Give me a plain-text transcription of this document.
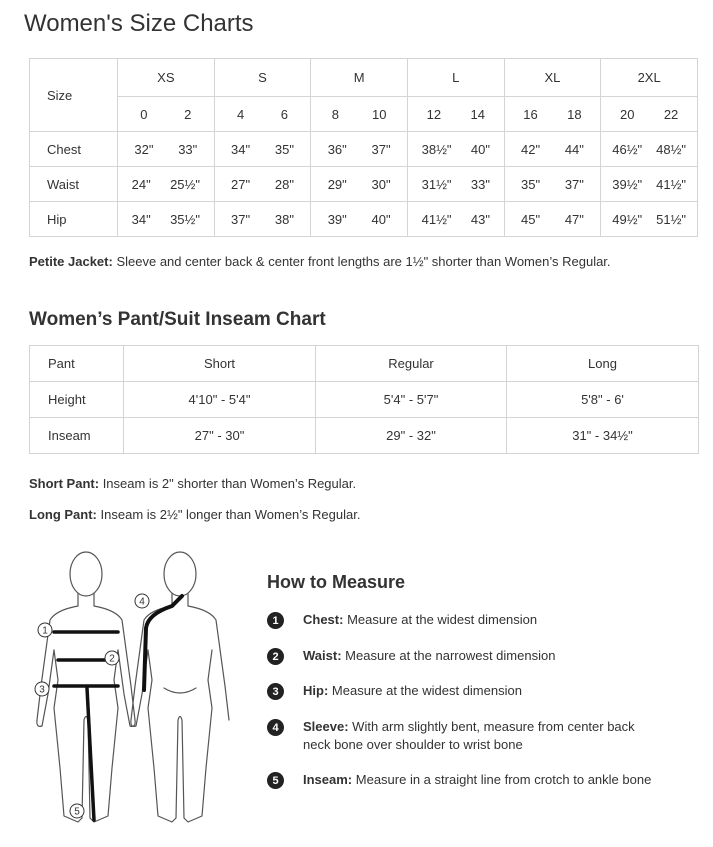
Women's Size Charts
Size	XS	S	M	L	XL	2XL

	0 2	4 6	8 10	12 14	16 18	20 22

Chest	32" 33"	34" 35"	36" 37"	38½" 40"	42" 44"	46½" 48½"

Waist	24" 25½"	27" 28"	29" 30"	31½" 33"	35" 37"	39½" 41½"

Hip	34" 35½"	37" 38"	39" 40"	41½" 43"	45" 47"	49½" 51½"

Petite Jacket: Sleeve and center back & center front lengths are 1½" shorter than Women’s Regular.

Women’s Pant/Suit Inseam Chart
Pant	Short	Regular	Long
Height	4'10" - 5'4"	5'4" - 5'7"	5'8" - 6'
Inseam	27" - 30"	29" - 32"	31" - 34½"

Short Pant: Inseam is 2" shorter than Women’s Regular.

Long Pant: Inseam is 2½" longer than Women’s Regular.

1
2
3
4
5
How to Measure
1	Chest: Measure at the widest dimension
2	Waist: Measure at the narrowest dimension
3	Hip: Measure at the widest dimension
4	Sleeve: With arm slightly bent, measure from center back neck bone over shoulder to wrist bone
5	Inseam: Measure in a straight line from crotch to ankle bone
